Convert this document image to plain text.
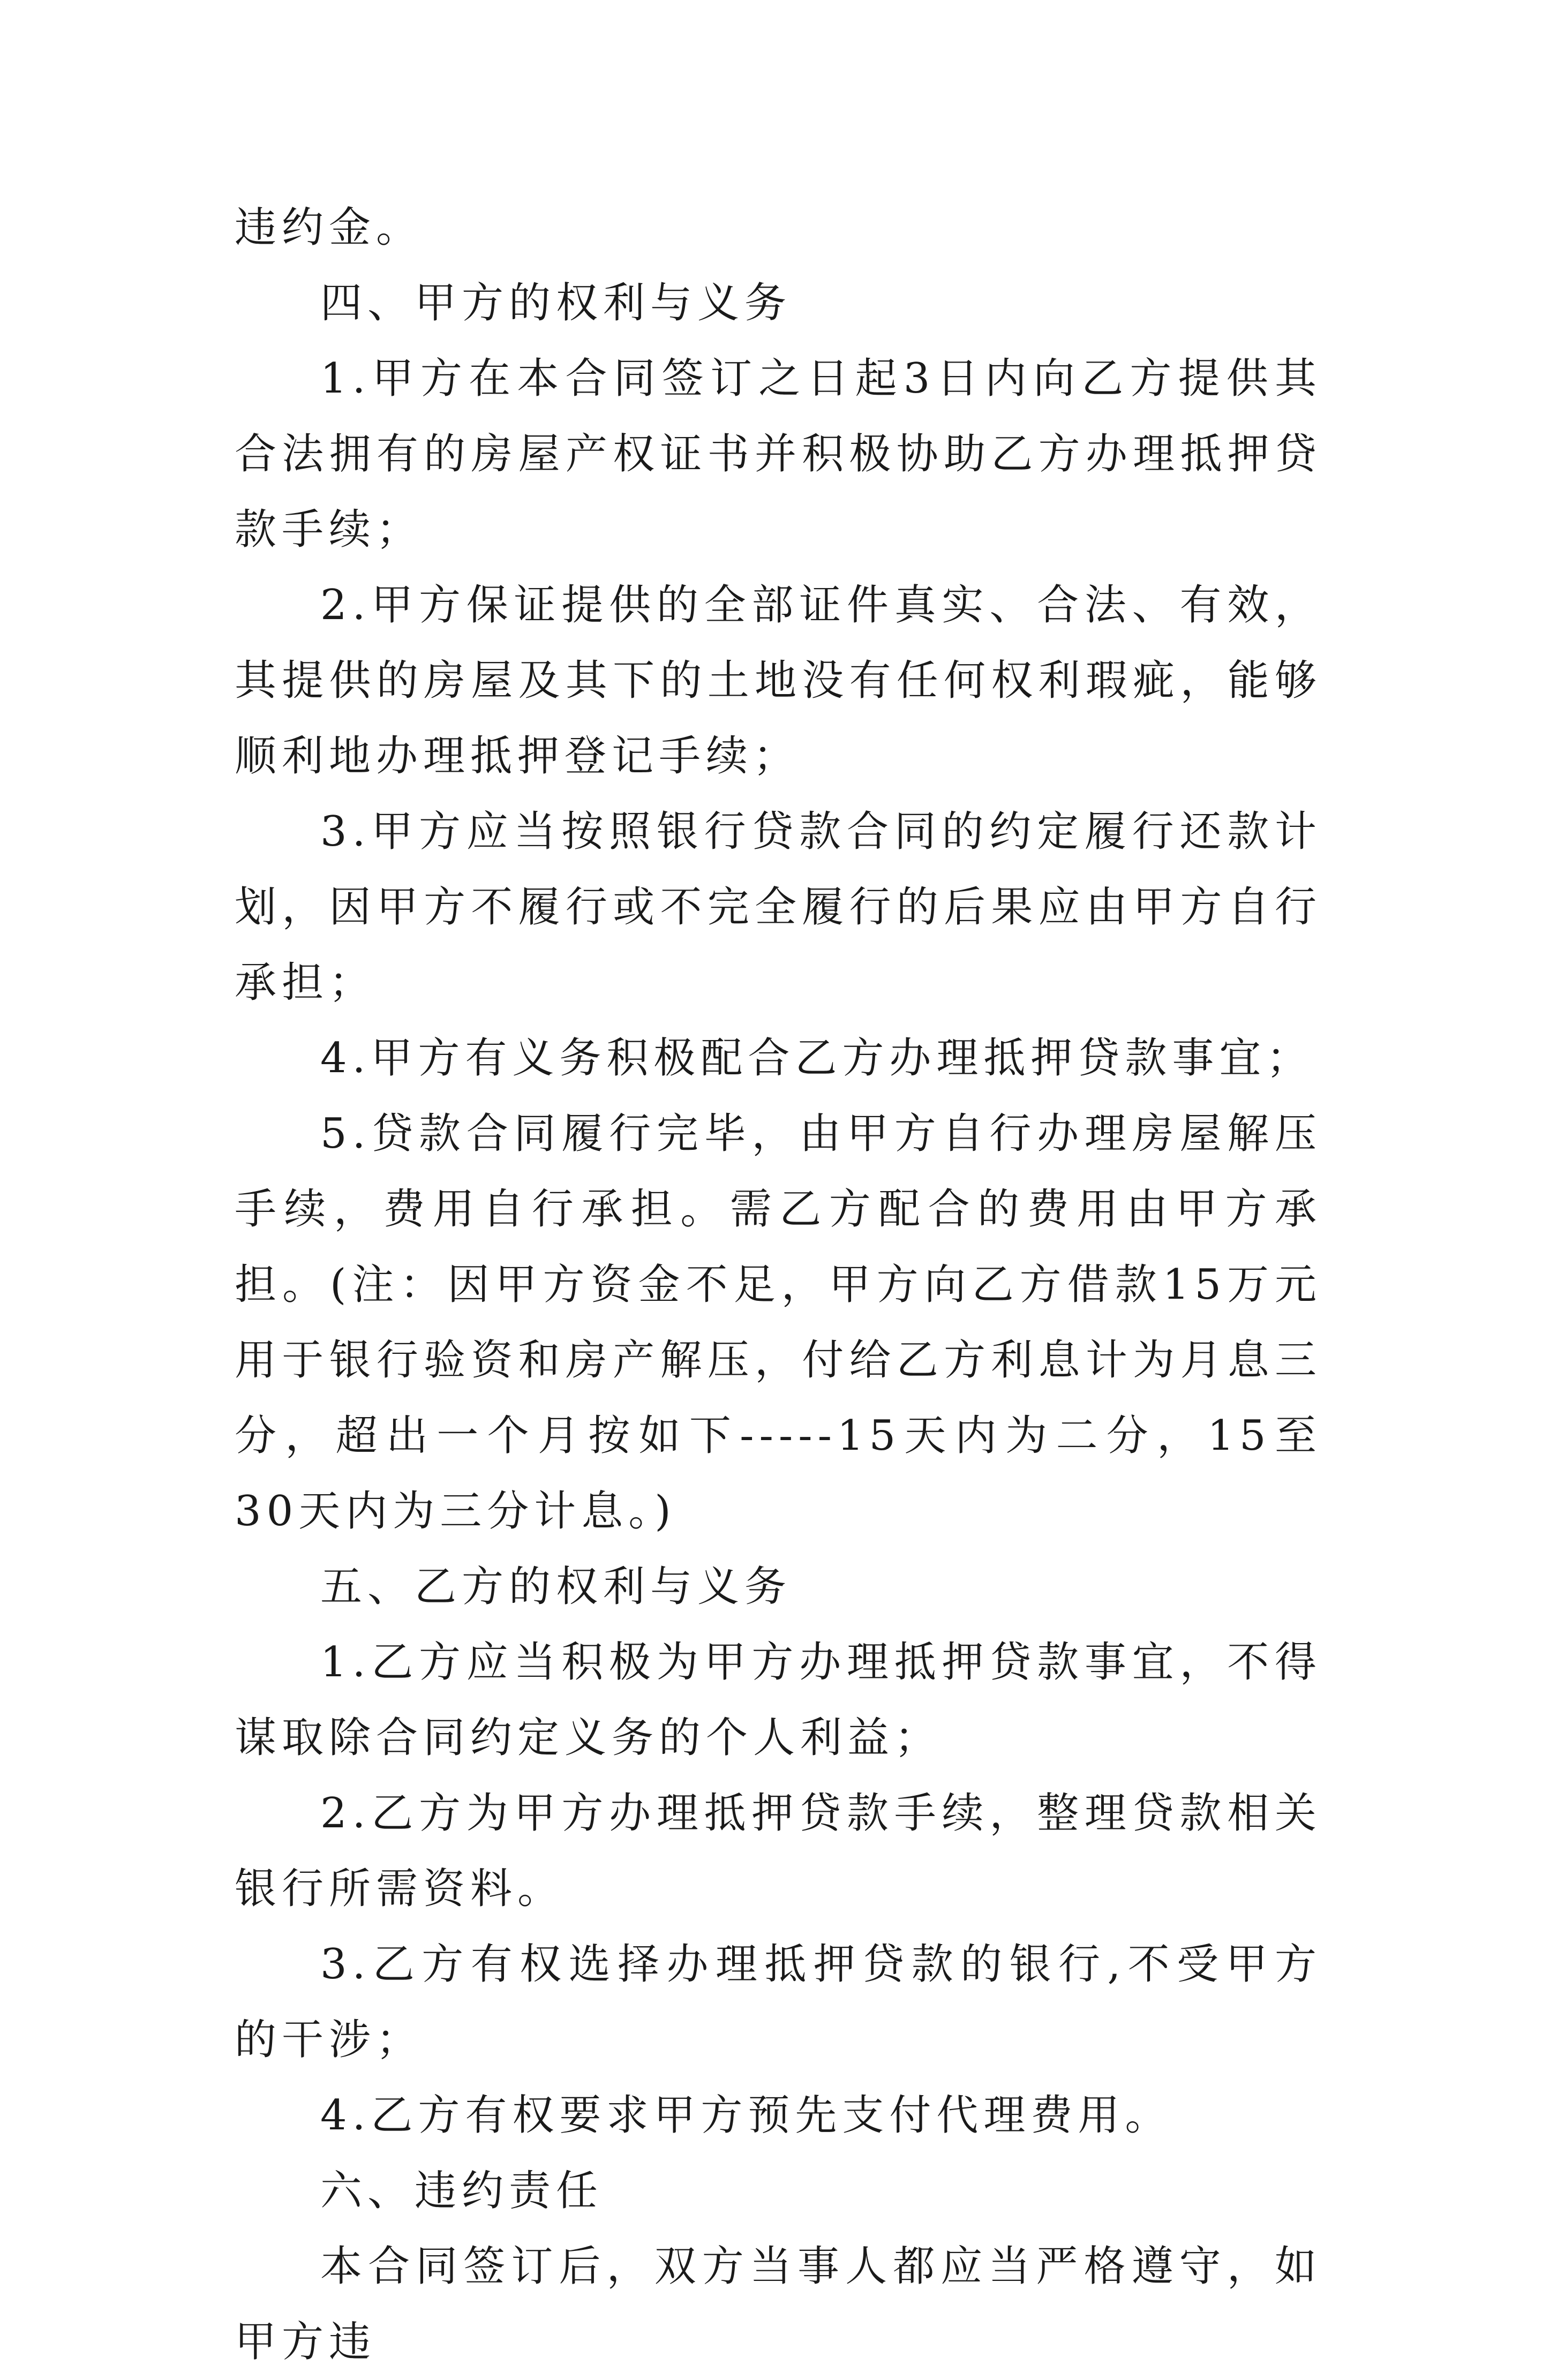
违约金。

四、甲方的权利与义务

1.甲方在本合同签订之日起3日内向乙方提供其合法拥有的房屋产权证书并积极协助乙方办理抵押贷款手续；

2.甲方保证提供的全部证件真实、合法、有效，其提供的房屋及其下的土地没有任何权利瑕疵，能够顺利地办理抵押登记手续；

3.甲方应当按照银行贷款合同的约定履行还款计划，因甲方不履行或不完全履行的后果应由甲方自行承担；

4.甲方有义务积极配合乙方办理抵押贷款事宜；

5.贷款合同履行完毕，由甲方自行办理房屋解压手续，费用自行承担。需乙方配合的费用由甲方承担。(注：因甲方资金不足，甲方向乙方借款15万元用于银行验资和房产解压，付给乙方利息计为月息三分，超出一个月按如下-----15天内为二分，15至30天内为三分计息。)

五、乙方的权利与义务

1.乙方应当积极为甲方办理抵押贷款事宜，不得谋取除合同约定义务的个人利益；

2.乙方为甲方办理抵押贷款手续，整理贷款相关银行所需资料。

3.乙方有权选择办理抵押贷款的银行,不受甲方的干涉；

4.乙方有权要求甲方预先支付代理费用。

六、违约责任

本合同签订后，双方当事人都应当严格遵守，如甲方违
